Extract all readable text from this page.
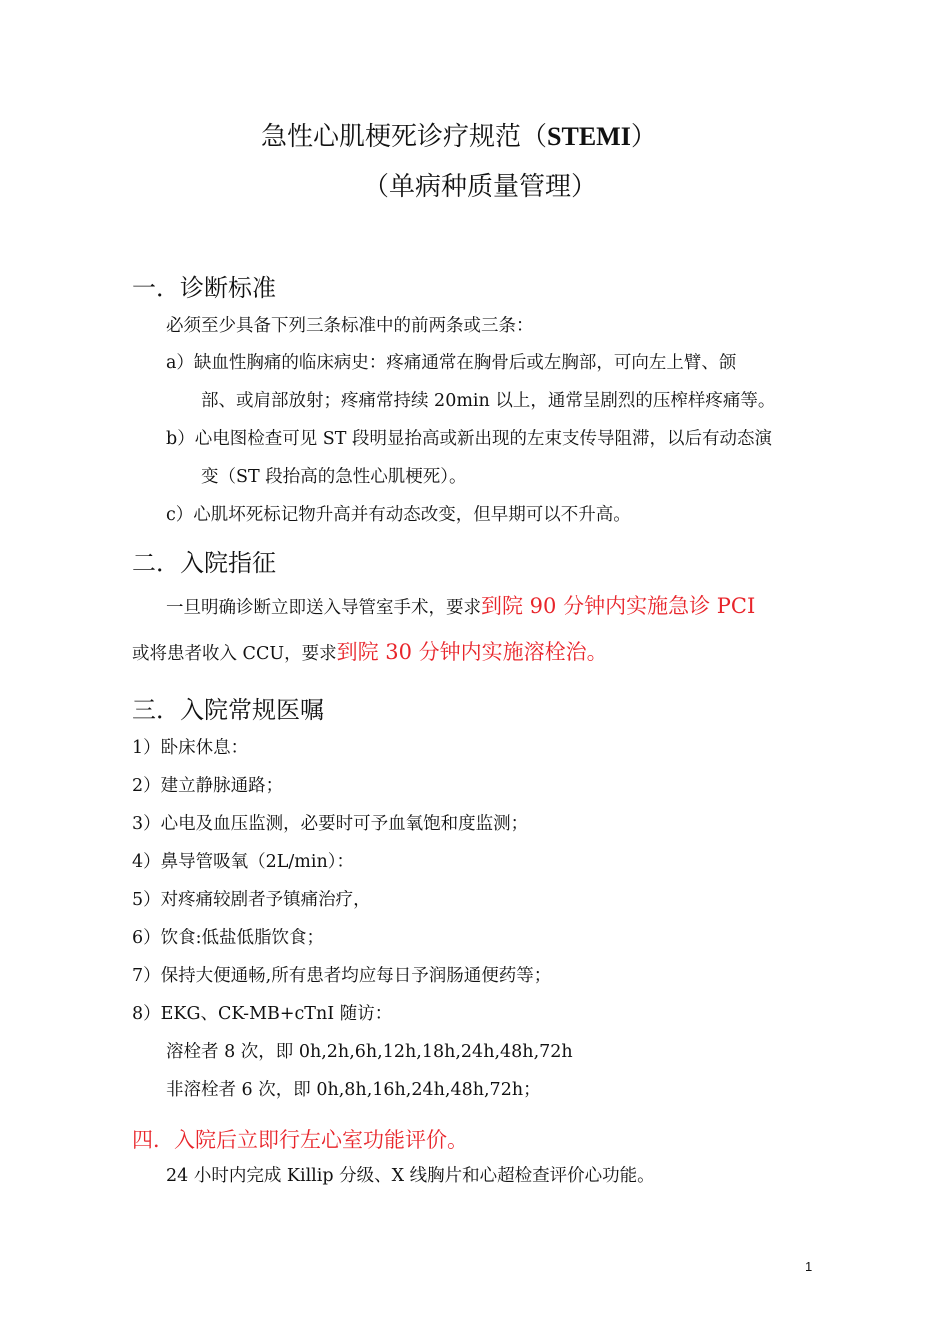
急性心肌梗死诊疗规范（STEMI）
（单病种质量管理）
一．诊断标准
必须至少具备下列三条标准中的前两条或三条：
a）缺血性胸痛的临床病史：疼痛通常在胸骨后或左胸部，可向左上臂、颌
部、或肩部放射；疼痛常持续 20min 以上，通常呈剧烈的压榨样疼痛等。
b）心电图检查可见 ST 段明显抬高或新出现的左束支传导阻滞，以后有动态演
变（ST 段抬高的急性心肌梗死）。
c）心肌坏死标记物升高并有动态改变，但早期可以不升高。
二．入院指征
一旦明确诊断立即送入导管室手术，要求到院 90 分钟内实施急诊 PCI
或将患者收入 CCU，要求到院 30 分钟内实施溶栓治。
三．入院常规医嘱
1）卧床休息：
2）建立静脉通路；
3）心电及血压监测，必要时可予血氧饱和度监测；
4）鼻导管吸氧（2L/min）：
5）对疼痛较剧者予镇痛治疗，
6）饮食:低盐低脂饮食；
7）保持大便通畅,所有患者均应每日予润肠通便药等；
8）EKG、CK-MB+cTnI 随访：
溶栓者 8 次，即 0h,2h,6h,12h,18h,24h,48h,72h
非溶栓者 6 次，即 0h,8h,16h,24h,48h,72h；
四．入院后立即行左心室功能评价。
24 小时内完成 Killip 分级、X 线胸片和心超检查评价心功能。
1
